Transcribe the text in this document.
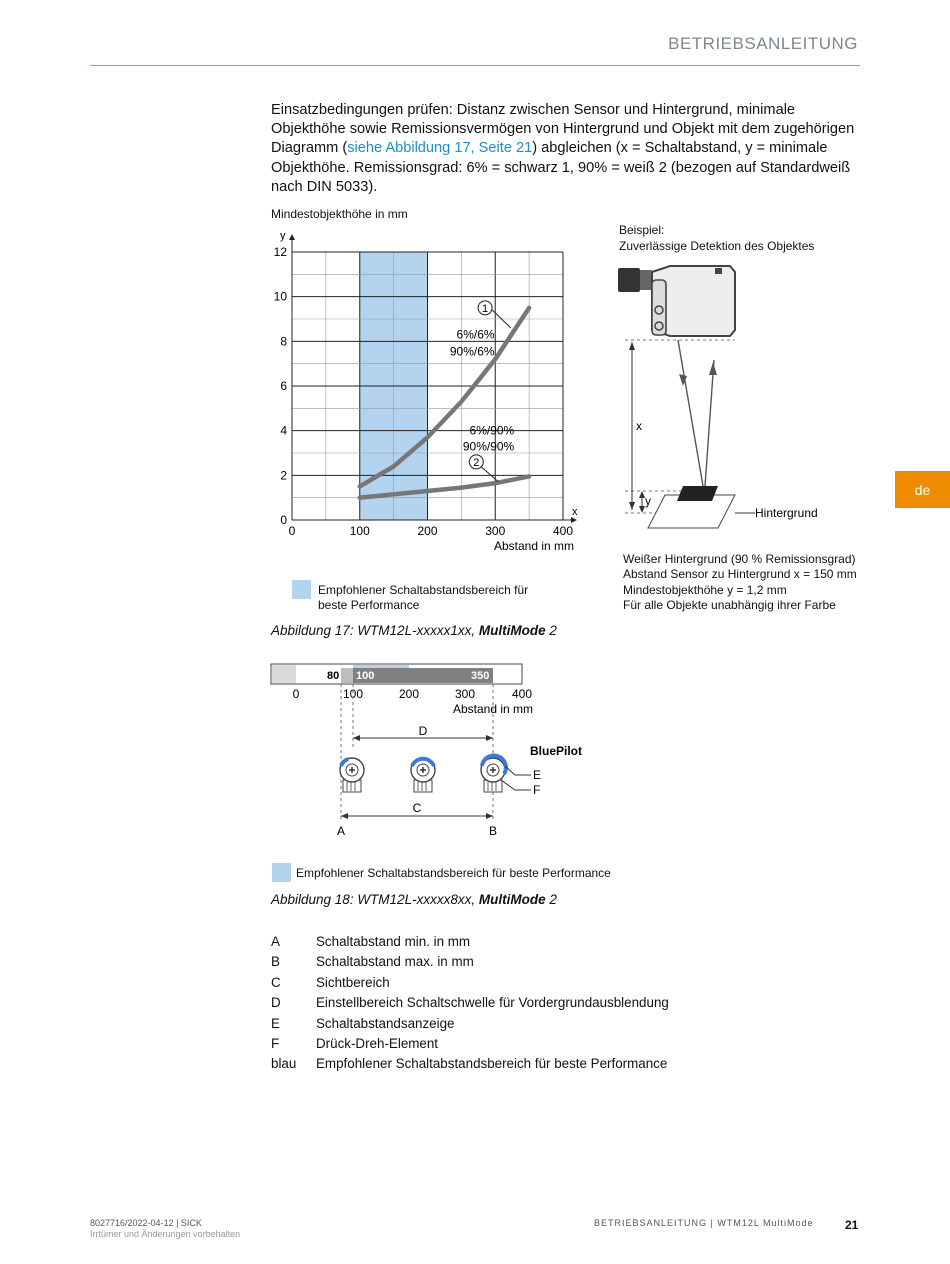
BETRIEBSANLEITUNG
de
Einsatzbedingungen prüfen: Distanz zwischen Sensor und Hintergrund, minimale Objekthöhe sowie Remissionsvermögen von Hintergrund und Objekt mit dem zugehörigen Diagramm (siehe Abbildung 17, Seite 21) abgleichen (x = Schaltabstand, y = minimale Objekthöhe. Remissionsgrad: 6% = schwarz 1, 90% = weiß 2 (bezogen auf Standardweiß nach DIN 5033).
Mindestobjekthöhe in mm
0	100	200	300	400
0
2
4
6
8
10
12
y
x
Abstand in mm
1
6%/6%
90%/6%
6%/90%
90%/90%
2
Beispiel:
Zuverlässige Detektion des Objektes
x
y
Hintergrund
Weißer Hintergrund (90 % Remissionsgrad)
Abstand Sensor zu Hintergrund x = 150 mm
Mindestobjekthöhe y = 1,2 mm
Für alle Objekte unabhängig ihrer Farbe
Empfohlener Schaltabstandsbereich für
beste Performance
Abbildung 17: WTM12L-xxxxx1xx, MultiMode 2
80 100	350
0	100	200	300	400
Abstand in mm
D
BluePilot
E
F
C
A	B
Empfohlener Schaltabstandsbereich für beste Performance
Abbildung 18: WTM12L-xxxxx8xx, MultiMode 2
A	Schaltabstand min. in mm
B	Schaltabstand max. in mm
C	Sichtbereich
D	Einstellbereich Schaltschwelle für Vordergrundausblendung
E	Schaltabstandsanzeige
F	Drück-Dreh-Element
blau	Empfohlener Schaltabstandsbereich für beste Performance
8027716/2022-04-12 | SICK
Irrtümer und Änderungen vorbehalten
BETRIEBSANLEITUNG | WTM12L MultiMode	21
